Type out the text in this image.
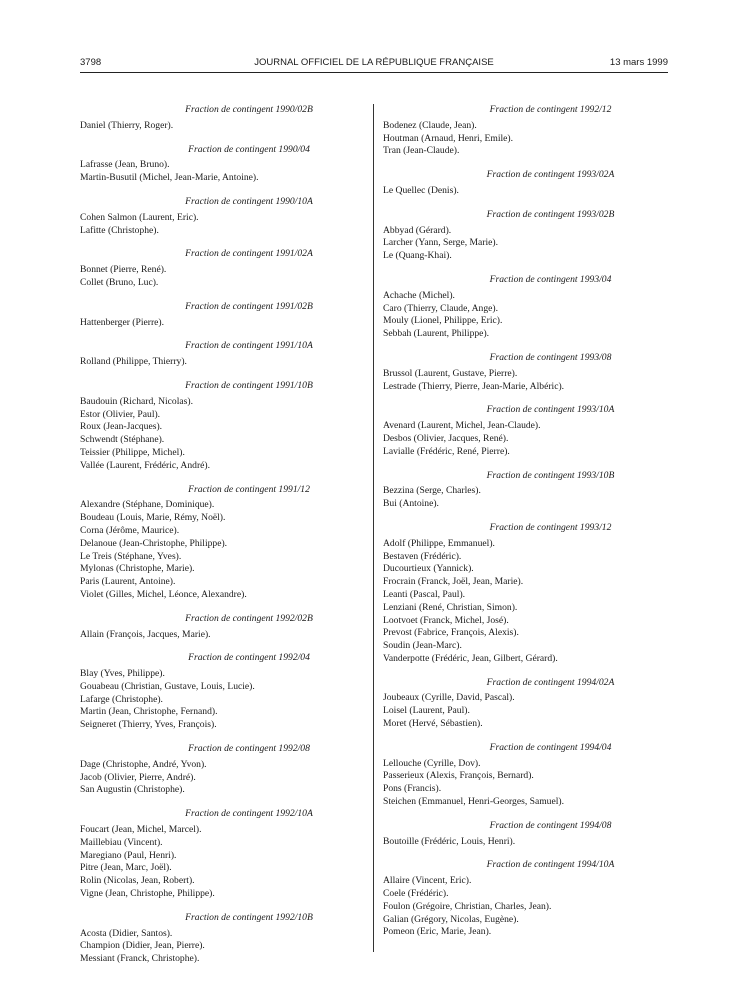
3798	JOURNAL OFFICIEL DE LA RÉPUBLIQUE FRANÇAISE	13 mars 1999
Fraction de contingent 1990/02B
Daniel (Thierry, Roger).
Fraction de contingent 1990/04
Lafrasse (Jean, Bruno).
Martin-Busutil (Michel, Jean-Marie, Antoine).
Fraction de contingent 1990/10A
Cohen Salmon (Laurent, Eric).
Lafitte (Christophe).
Fraction de contingent 1991/02A
Bonnet (Pierre, René).
Collet (Bruno, Luc).
Fraction de contingent 1991/02B
Hattenberger (Pierre).
Fraction de contingent 1991/10A
Rolland (Philippe, Thierry).
Fraction de contingent 1991/10B
Baudouin (Richard, Nicolas).
Estor (Olivier, Paul).
Roux (Jean-Jacques).
Schwendt (Stéphane).
Teissier (Philippe, Michel).
Vallée (Laurent, Frédéric, André).
Fraction de contingent 1991/12
Alexandre (Stéphane, Dominique).
Boudeau (Louis, Marie, Rémy, Noël).
Corna (Jérôme, Maurice).
Delanoue (Jean-Christophe, Philippe).
Le Treis (Stéphane, Yves).
Mylonas (Christophe, Marie).
Paris (Laurent, Antoine).
Violet (Gilles, Michel, Léonce, Alexandre).
Fraction de contingent 1992/02B
Allain (François, Jacques, Marie).
Fraction de contingent 1992/04
Blay (Yves, Philippe).
Gouabeau (Christian, Gustave, Louis, Lucie).
Lafarge (Christophe).
Martin (Jean, Christophe, Fernand).
Seigneret (Thierry, Yves, François).
Fraction de contingent 1992/08
Dage (Christophe, André, Yvon).
Jacob (Olivier, Pierre, André).
San Augustin (Christophe).
Fraction de contingent 1992/10A
Foucart (Jean, Michel, Marcel).
Maillebiau (Vincent).
Maregiano (Paul, Henri).
Pitre (Jean, Marc, Joël).
Rolin (Nicolas, Jean, Robert).
Vigne (Jean, Christophe, Philippe).
Fraction de contingent 1992/10B
Acosta (Didier, Santos).
Champion (Didier, Jean, Pierre).
Messiant (Franck, Christophe).
Fraction de contingent 1992/12
Bodenez (Claude, Jean).
Houtman (Arnaud, Henri, Emile).
Tran (Jean-Claude).
Fraction de contingent 1993/02A
Le Quellec (Denis).
Fraction de contingent 1993/02B
Abbyad (Gérard).
Larcher (Yann, Serge, Marie).
Le (Quang-Khai).
Fraction de contingent 1993/04
Achache (Michel).
Caro (Thierry, Claude, Ange).
Mouly (Lionel, Philippe, Eric).
Sebbah (Laurent, Philippe).
Fraction de contingent 1993/08
Brussol (Laurent, Gustave, Pierre).
Lestrade (Thierry, Pierre, Jean-Marie, Albéric).
Fraction de contingent 1993/10A
Avenard (Laurent, Michel, Jean-Claude).
Desbos (Olivier, Jacques, René).
Lavialle (Frédéric, René, Pierre).
Fraction de contingent 1993/10B
Bezzina (Serge, Charles).
Bui (Antoine).
Fraction de contingent 1993/12
Adolf (Philippe, Emmanuel).
Bestaven (Frédéric).
Ducourtieux (Yannick).
Frocrain (Franck, Joël, Jean, Marie).
Leanti (Pascal, Paul).
Lenziani (René, Christian, Simon).
Lootvoet (Franck, Michel, José).
Prevost (Fabrice, François, Alexis).
Soudin (Jean-Marc).
Vanderpotte (Frédéric, Jean, Gilbert, Gérard).
Fraction de contingent 1994/02A
Joubeaux (Cyrille, David, Pascal).
Loisel (Laurent, Paul).
Moret (Hervé, Sébastien).
Fraction de contingent 1994/04
Lellouche (Cyrille, Dov).
Passerieux (Alexis, François, Bernard).
Pons (Francis).
Steichen (Emmanuel, Henri-Georges, Samuel).
Fraction de contingent 1994/08
Boutoille (Frédéric, Louis, Henri).
Fraction de contingent 1994/10A
Allaire (Vincent, Eric).
Coele (Frédéric).
Foulon (Grégoire, Christian, Charles, Jean).
Galian (Grégory, Nicolas, Eugène).
Pomeon (Eric, Marie, Jean).
